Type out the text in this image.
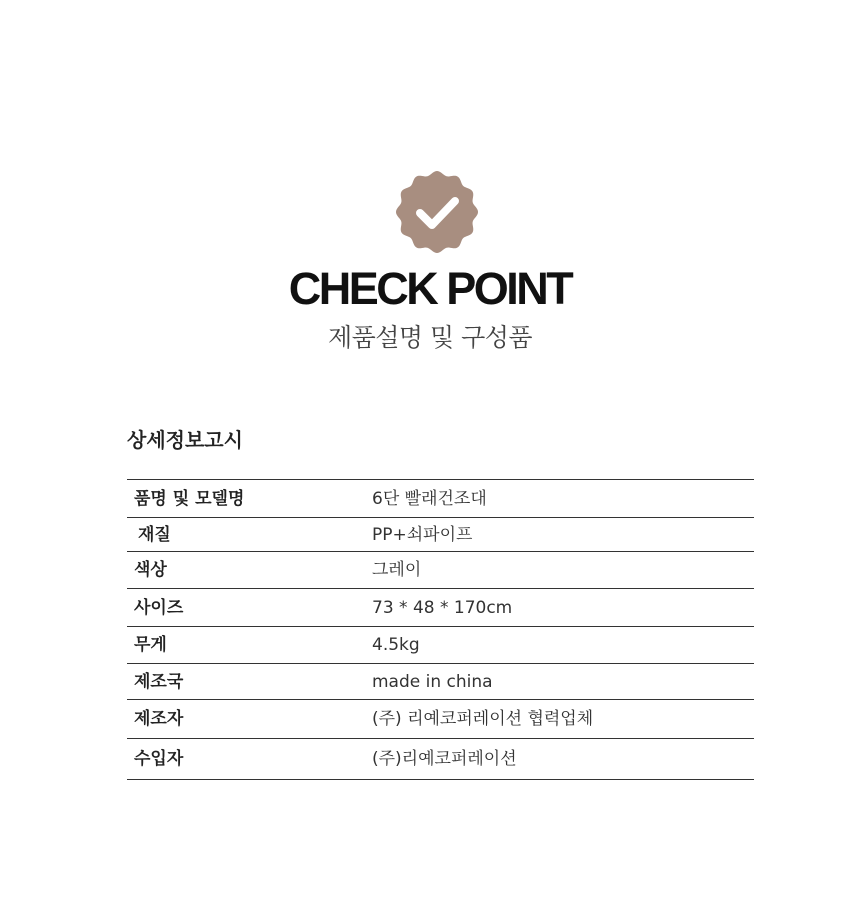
CHECK POINT
제품설명 및 구성품
상세정보고시
품명 및 모델명	6단 빨래건조대
재질	PP+쇠파이프
색상	그레이
사이즈	73 * 48 * 170cm
무게	4.5kg
제조국	made in china
제조자	(주) 리예코퍼레이션 협력업체
수입자	(주)리예코퍼레이션
